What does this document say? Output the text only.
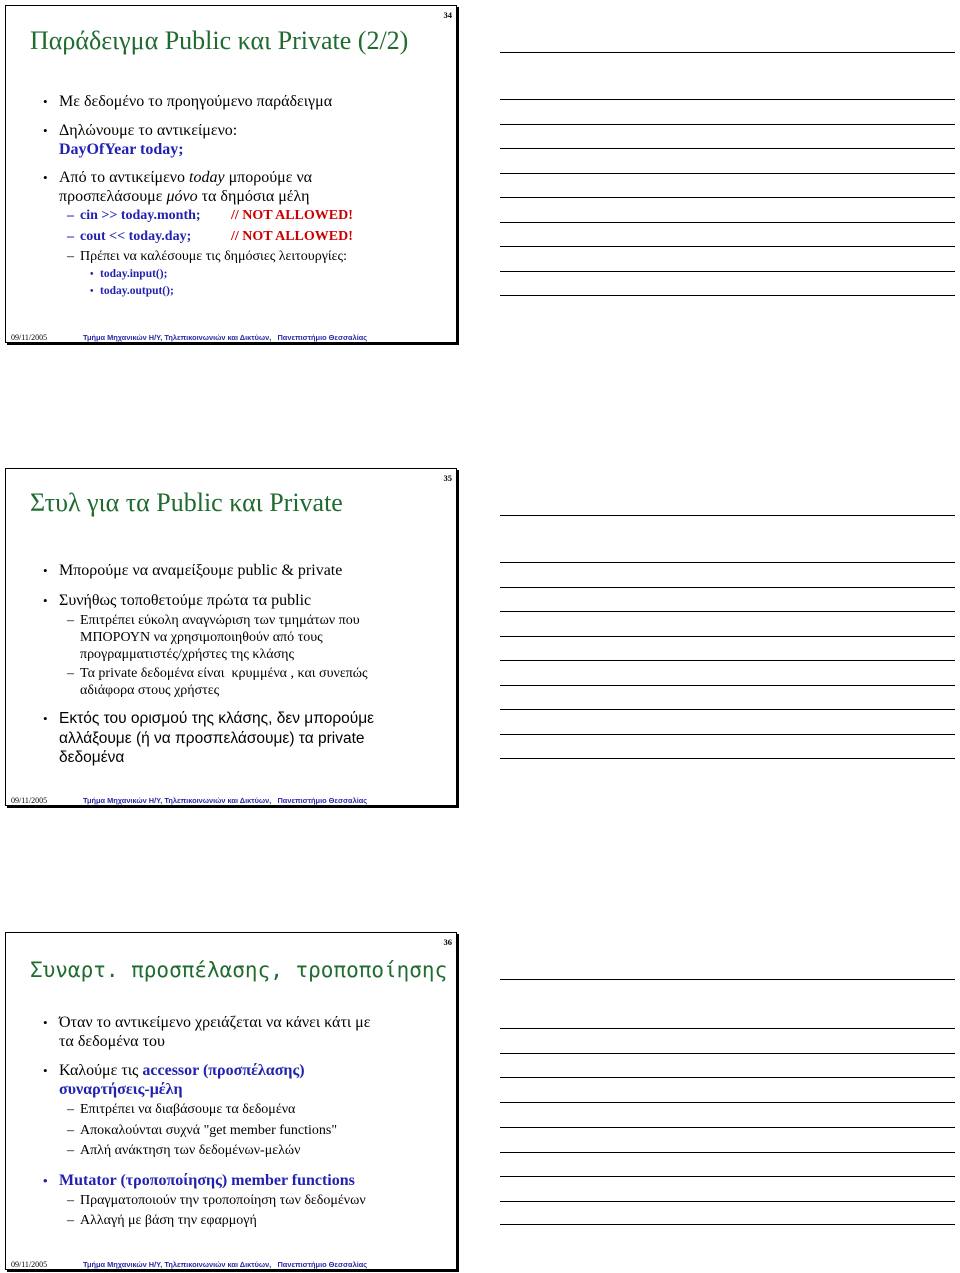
34
Παράδειγμα Public και Private (2/2)
•
Με δεδομένο το προηγούμενο παράδειγμα
•
Δηλώνουμε το αντικείμενο:
DayOfYear today;
•
Από το αντικείμενο today μπορούμε να
προσπελάσουμε μόνο τα δημόσια μέλη
–
cin >> today.month; // NOT ALLOWED!
–
cout << today.day;	// NOT ALLOWED!
–
Πρέπει να καλέσουμε τις δημόσιες λειτουργίες:
•
today.input();
•
today.output();
09/11/2005	Τμήμα Μηχανικών Η/Υ, Τηλεπικοινωνιών και Δικτύων,   Πανεπιστήμιο Θεσσαλίας
35
Στυλ για τα Public και Private
•
Μπορούμε να αναμείξουμε public & private
•
Συνήθως τοποθετούμε πρώτα τα public
–
Επιτρέπει εύκολη αναγνώριση των τμημάτων που
ΜΠΟΡΟΥΝ να χρησιμοποιηθούν από τους
προγραμματιστές/χρήστες της κλάσης
–
Τα private δεδομένα είναι  κρυμμένα , και συνεπώς
αδιάφορα στους χρήστες
•
Εκτός του ορισμού της κλάσης, δεν μπορούμε
αλλάξουμε (ή να προσπελάσουμε) τα private
δεδομένα
09/11/2005	Τμήμα Μηχανικών Η/Υ, Τηλεπικοινωνιών και Δικτύων,   Πανεπιστήμιο Θεσσαλίας
36
Συναρτ. προσπέλασης, τροποποίησης
•
Όταν το αντικείμενο χρειάζεται να κάνει κάτι με
τα δεδομένα του
•
Καλούμε τις accessor (προσπέλασης)
συναρτήσεις-μέλη
–
Επιτρέπει να διαβάσουμε τα δεδομένα
–
Αποκαλούνται συχνά "get member functions"
–
Απλή ανάκτηση των δεδομένων-μελών
•
Mutator (τροποποίησης) member functions
–
Πραγματοποιούν την τροποποίηση των δεδομένων
–
Αλλαγή με βάση την εφαρμογή
09/11/2005	Τμήμα Μηχανικών Η/Υ, Τηλεπικοινωνιών και Δικτύων,   Πανεπιστήμιο Θεσσαλίας
